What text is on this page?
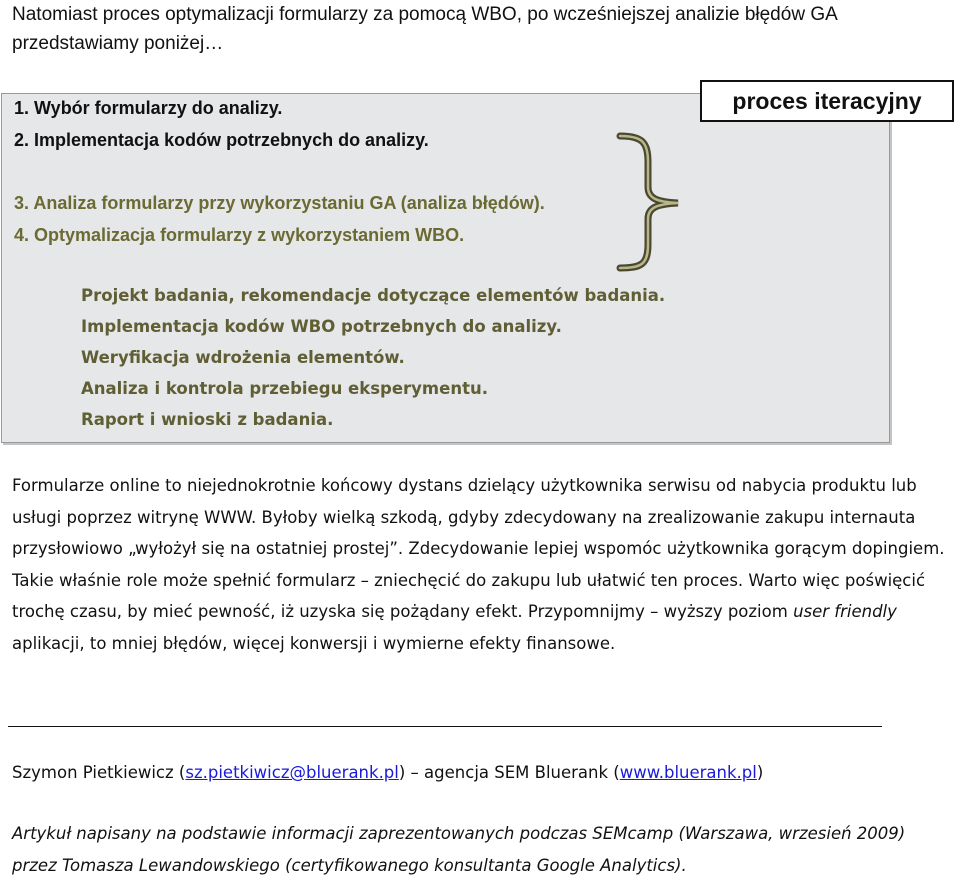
Natomiast proces optymalizacji formularzy za pomocą WBO, po wcześniejszej analizie błędów GA przedstawiamy poniżej…

1. Wybór formularzy do analizy.

2. Implementacja kodów potrzebnych do analizy.

3. Analiza formularzy przy wykorzystaniu GA (analiza błędów).

4. Optymalizacja formularzy z wykorzystaniem WBO.

Projekt badania, rekomendacje dotyczące elementów badania.
Implementacja kodów WBO potrzebnych do analizy.
Weryfikacja wdrożenia elementów.
Analiza i kontrola przebiegu eksperymentu.
Raport i wnioski z badania.
proces iteracyjny

Formularze online to niejednokrotnie końcowy dystans dzielący użytkownika serwisu od nabycia produktu lub usługi poprzez witrynę WWW. Byłoby wielką szkodą, gdyby zdecydowany na zrealizowanie zakupu internauta przysłowiowo „wyłożył się na ostatniej prostej”. Zdecydowanie lepiej wspomóc użytkownika gorącym dopingiem. Takie właśnie role może spełnić formularz – zniechęcić do zakupu lub ułatwić ten proces. Warto więc poświęcić trochę czasu, by mieć pewność, iż uzyska się pożądany efekt. Przypomnijmy – wyższy poziom user friendly aplikacji, to mniej błędów, więcej konwersji i wymierne efekty finansowe.

Szymon Pietkiewicz (sz.pietkiwicz@bluerank.pl) – agencja SEM Bluerank (www.bluerank.pl)

Artykuł napisany na podstawie informacji zaprezentowanych podczas SEMcamp (Warszawa, wrzesień 2009) przez Tomasza Lewandowskiego (certyfikowanego konsultanta Google Analytics).
